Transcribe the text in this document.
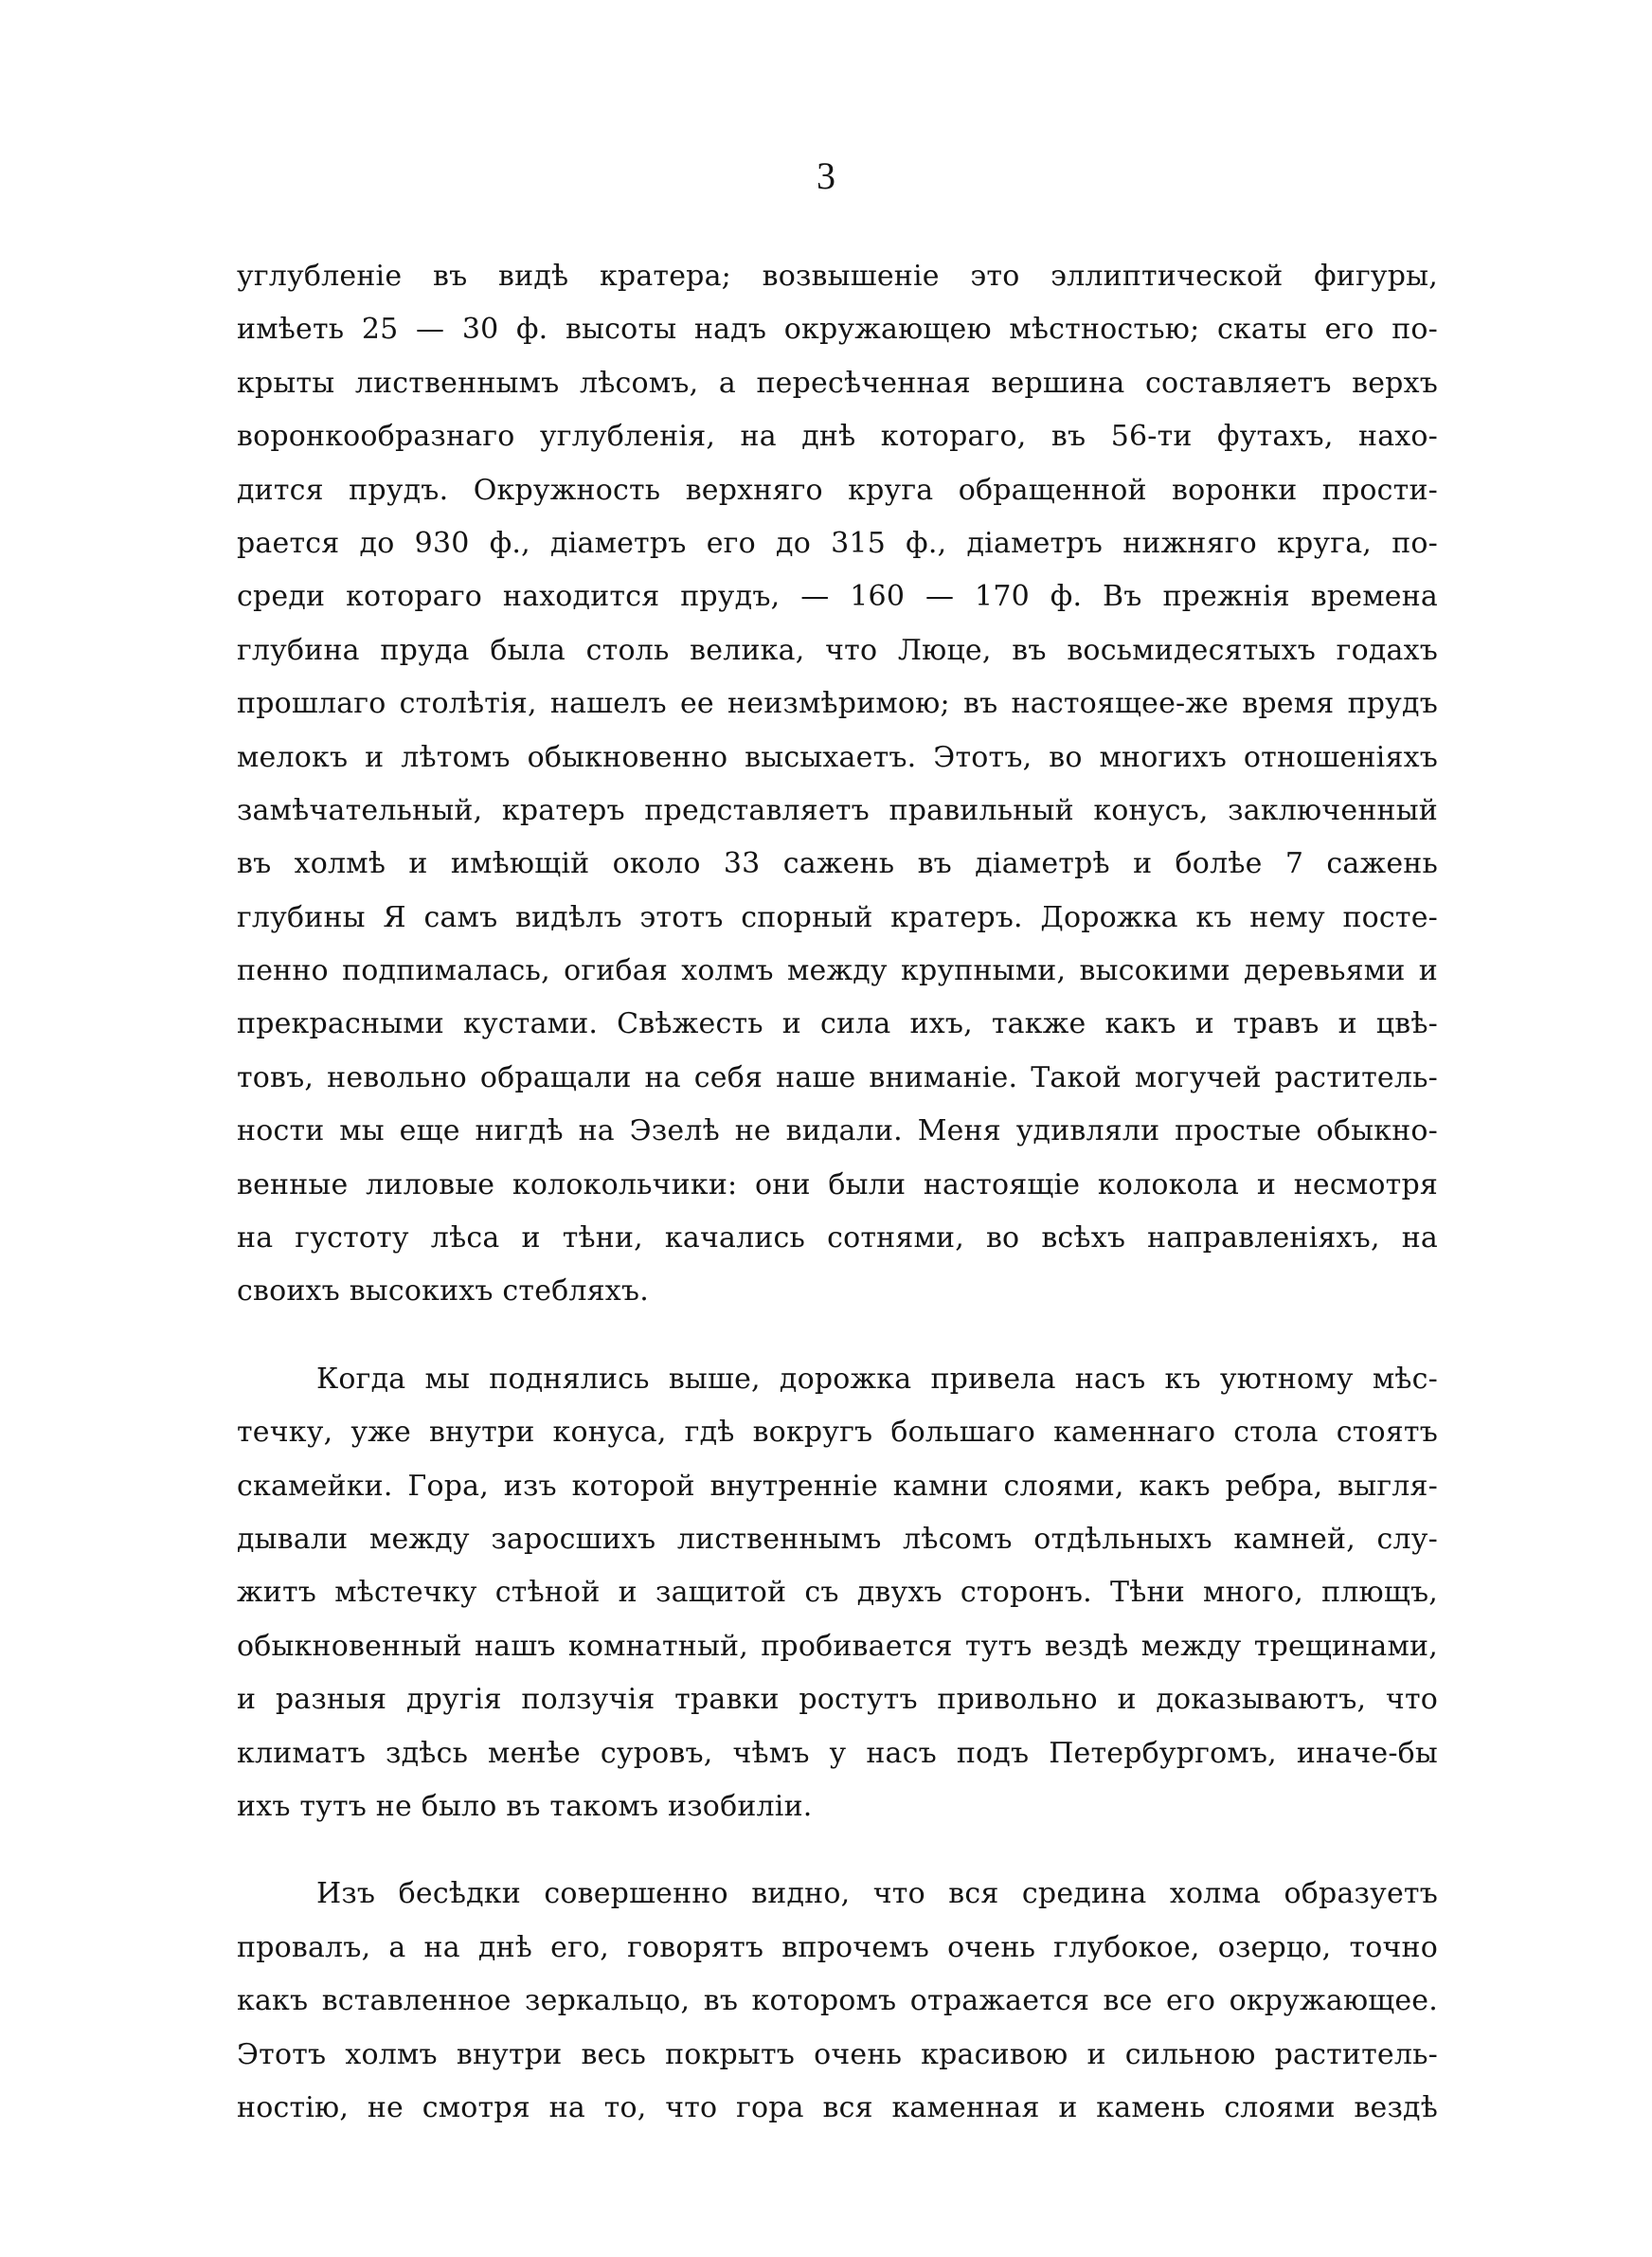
3

углубленіе въ видѣ кратера; возвышеніе это эллиптической фигуры,
имѣеть 25 — 30 ф. высоты надъ окружающею мѣстностью; скаты его по-
крыты лиственнымъ лѣсомъ, а пересѣченная вершина составляетъ верхъ
воронкообразнаго углубленія, на днѣ котораго, въ 56-ти футахъ, нахо-
дится прудъ. Окружность верхняго круга обращенной воронки прости-
рается до 930 ф., діаметръ его до 315 ф., діаметръ нижняго круга, по-
среди котораго находится прудъ, — 160 — 170 ф. Въ прежнія времена
глубина пруда была столь велика, что Люце, въ восьмидесятыхъ годахъ
прошлаго столѣтія, нашелъ ее неизмѣримою; въ настоящее-же время прудъ
мелокъ и лѣтомъ обыкновенно высыхаетъ. Этотъ, во многихъ отношеніяхъ
замѣчательный, кратеръ представляетъ правильный конусъ, заключенный
въ холмѣ и имѣющій около 33 сажень въ діаметрѣ и болѣе 7 сажень
глубины Я самъ видѣлъ этотъ спорный кратеръ. Дорожка къ нему посте-
пенно подпималась, огибая холмъ между крупными, высокими деревьями и
прекрасными кустами. Свѣжесть и сила ихъ, также какъ и травъ и цвѣ-
товъ, невольно обращали на себя наше вниманіе. Такой могучей раститель-
ности мы еще нигдѣ на Эзелѣ не видали. Меня удивляли простые обыкно-
венные лиловые колокольчики: они были настоящіе колокола и несмотря
на густоту лѣса и тѣни, качались сотнями, во всѣхъ направленіяхъ, на
своихъ высокихъ стебляхъ.

Когда мы поднялись выше, дорожка привела насъ къ уютному мѣс-
течку, уже внутри конуса, гдѣ вокругъ большаго каменнаго стола стоятъ
скамейки. Гора, изъ которой внутренніе камни слоями, какъ ребра, выгля-
дывали между заросшихъ лиственнымъ лѣсомъ отдѣльныхъ камней, слу-
житъ мѣстечку стѣной и защитой съ двухъ сторонъ. Тѣни много, плющъ,
обыкновенный нашъ комнатный, пробивается тутъ вездѣ между трещинами,
и разныя другія ползучія травки ростутъ привольно и доказываютъ, что
климатъ здѣсь менѣе суровъ, чѣмъ у насъ подъ Петербургомъ, иначе-бы
ихъ тутъ не было въ такомъ изобиліи.

Изъ бесѣдки совершенно видно, что вся средина холма образуетъ
провалъ, а на днѣ его, говорятъ впрочемъ очень глубокое, озерцо, точно
какъ вставленное зеркальцо, въ которомъ отражается все его окружающее.
Этотъ холмъ внутри весь покрытъ очень красивою и сильною раститель-
ностію, не смотря на то, что гора вся каменная и камень слоями вездѣ
